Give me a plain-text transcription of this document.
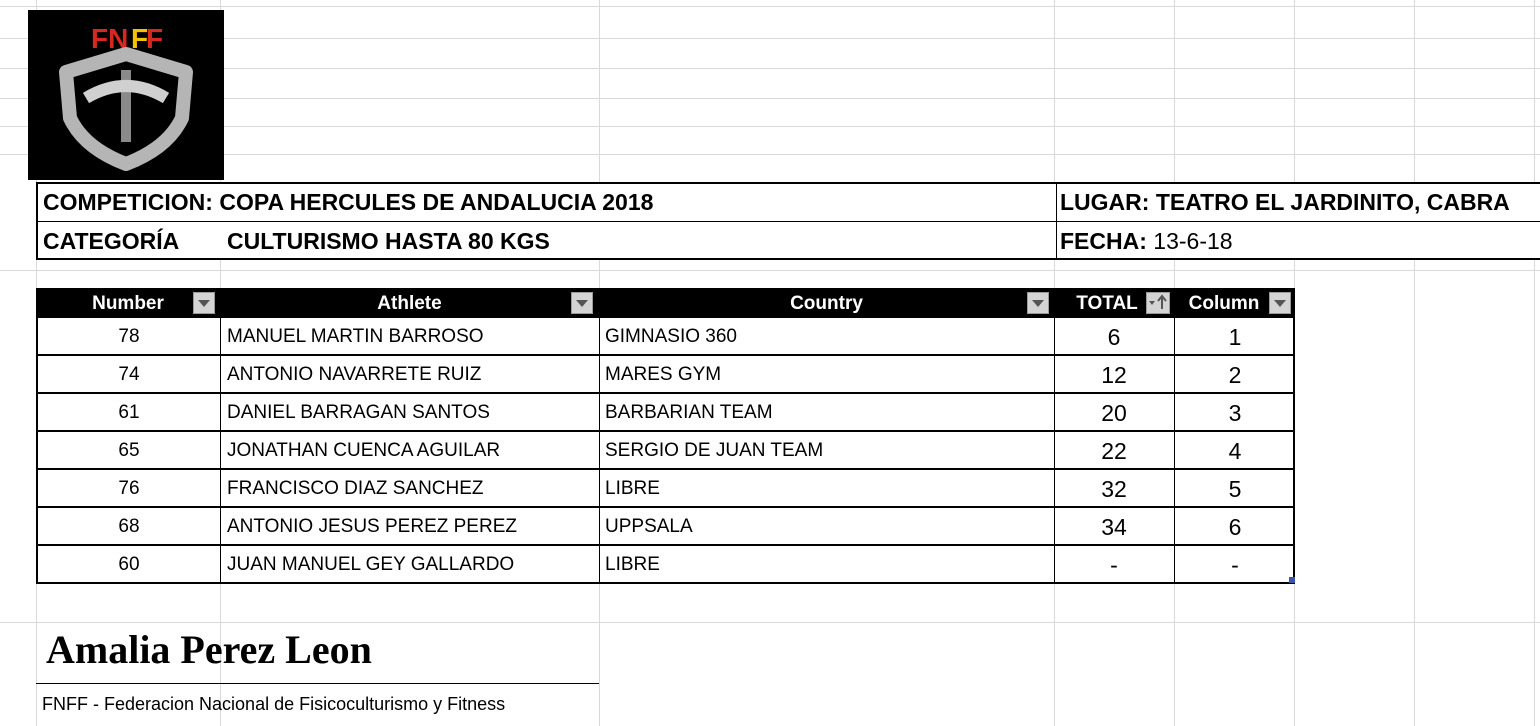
FN F
F
COMPETICION: COPA HERCULES DE ANDALUCIA 2018	LUGAR: TEATRO EL JARDINITO, CABRA
CATEGORÍA CULTURISMO HASTA 80 KGS	FECHA: 13-6-18
Number	Athlete	Country	TOTAL	Column
78	MANUEL MARTIN BARROSO	GIMNASIO 360	6	1
74	ANTONIO NAVARRETE RUIZ	MARES GYM	12	2
61	DANIEL BARRAGAN SANTOS	BARBARIAN TEAM	20	3
65	JONATHAN CUENCA AGUILAR	SERGIO DE JUAN TEAM	22	4
76	FRANCISCO DIAZ SANCHEZ	LIBRE	32	5
68	ANTONIO JESUS PEREZ PEREZ	UPPSALA	34	6
60	JUAN MANUEL GEY GALLARDO	LIBRE	-	-
Amalia Perez Leon
FNFF - Federacion Nacional de Fisicoculturismo y Fitness
